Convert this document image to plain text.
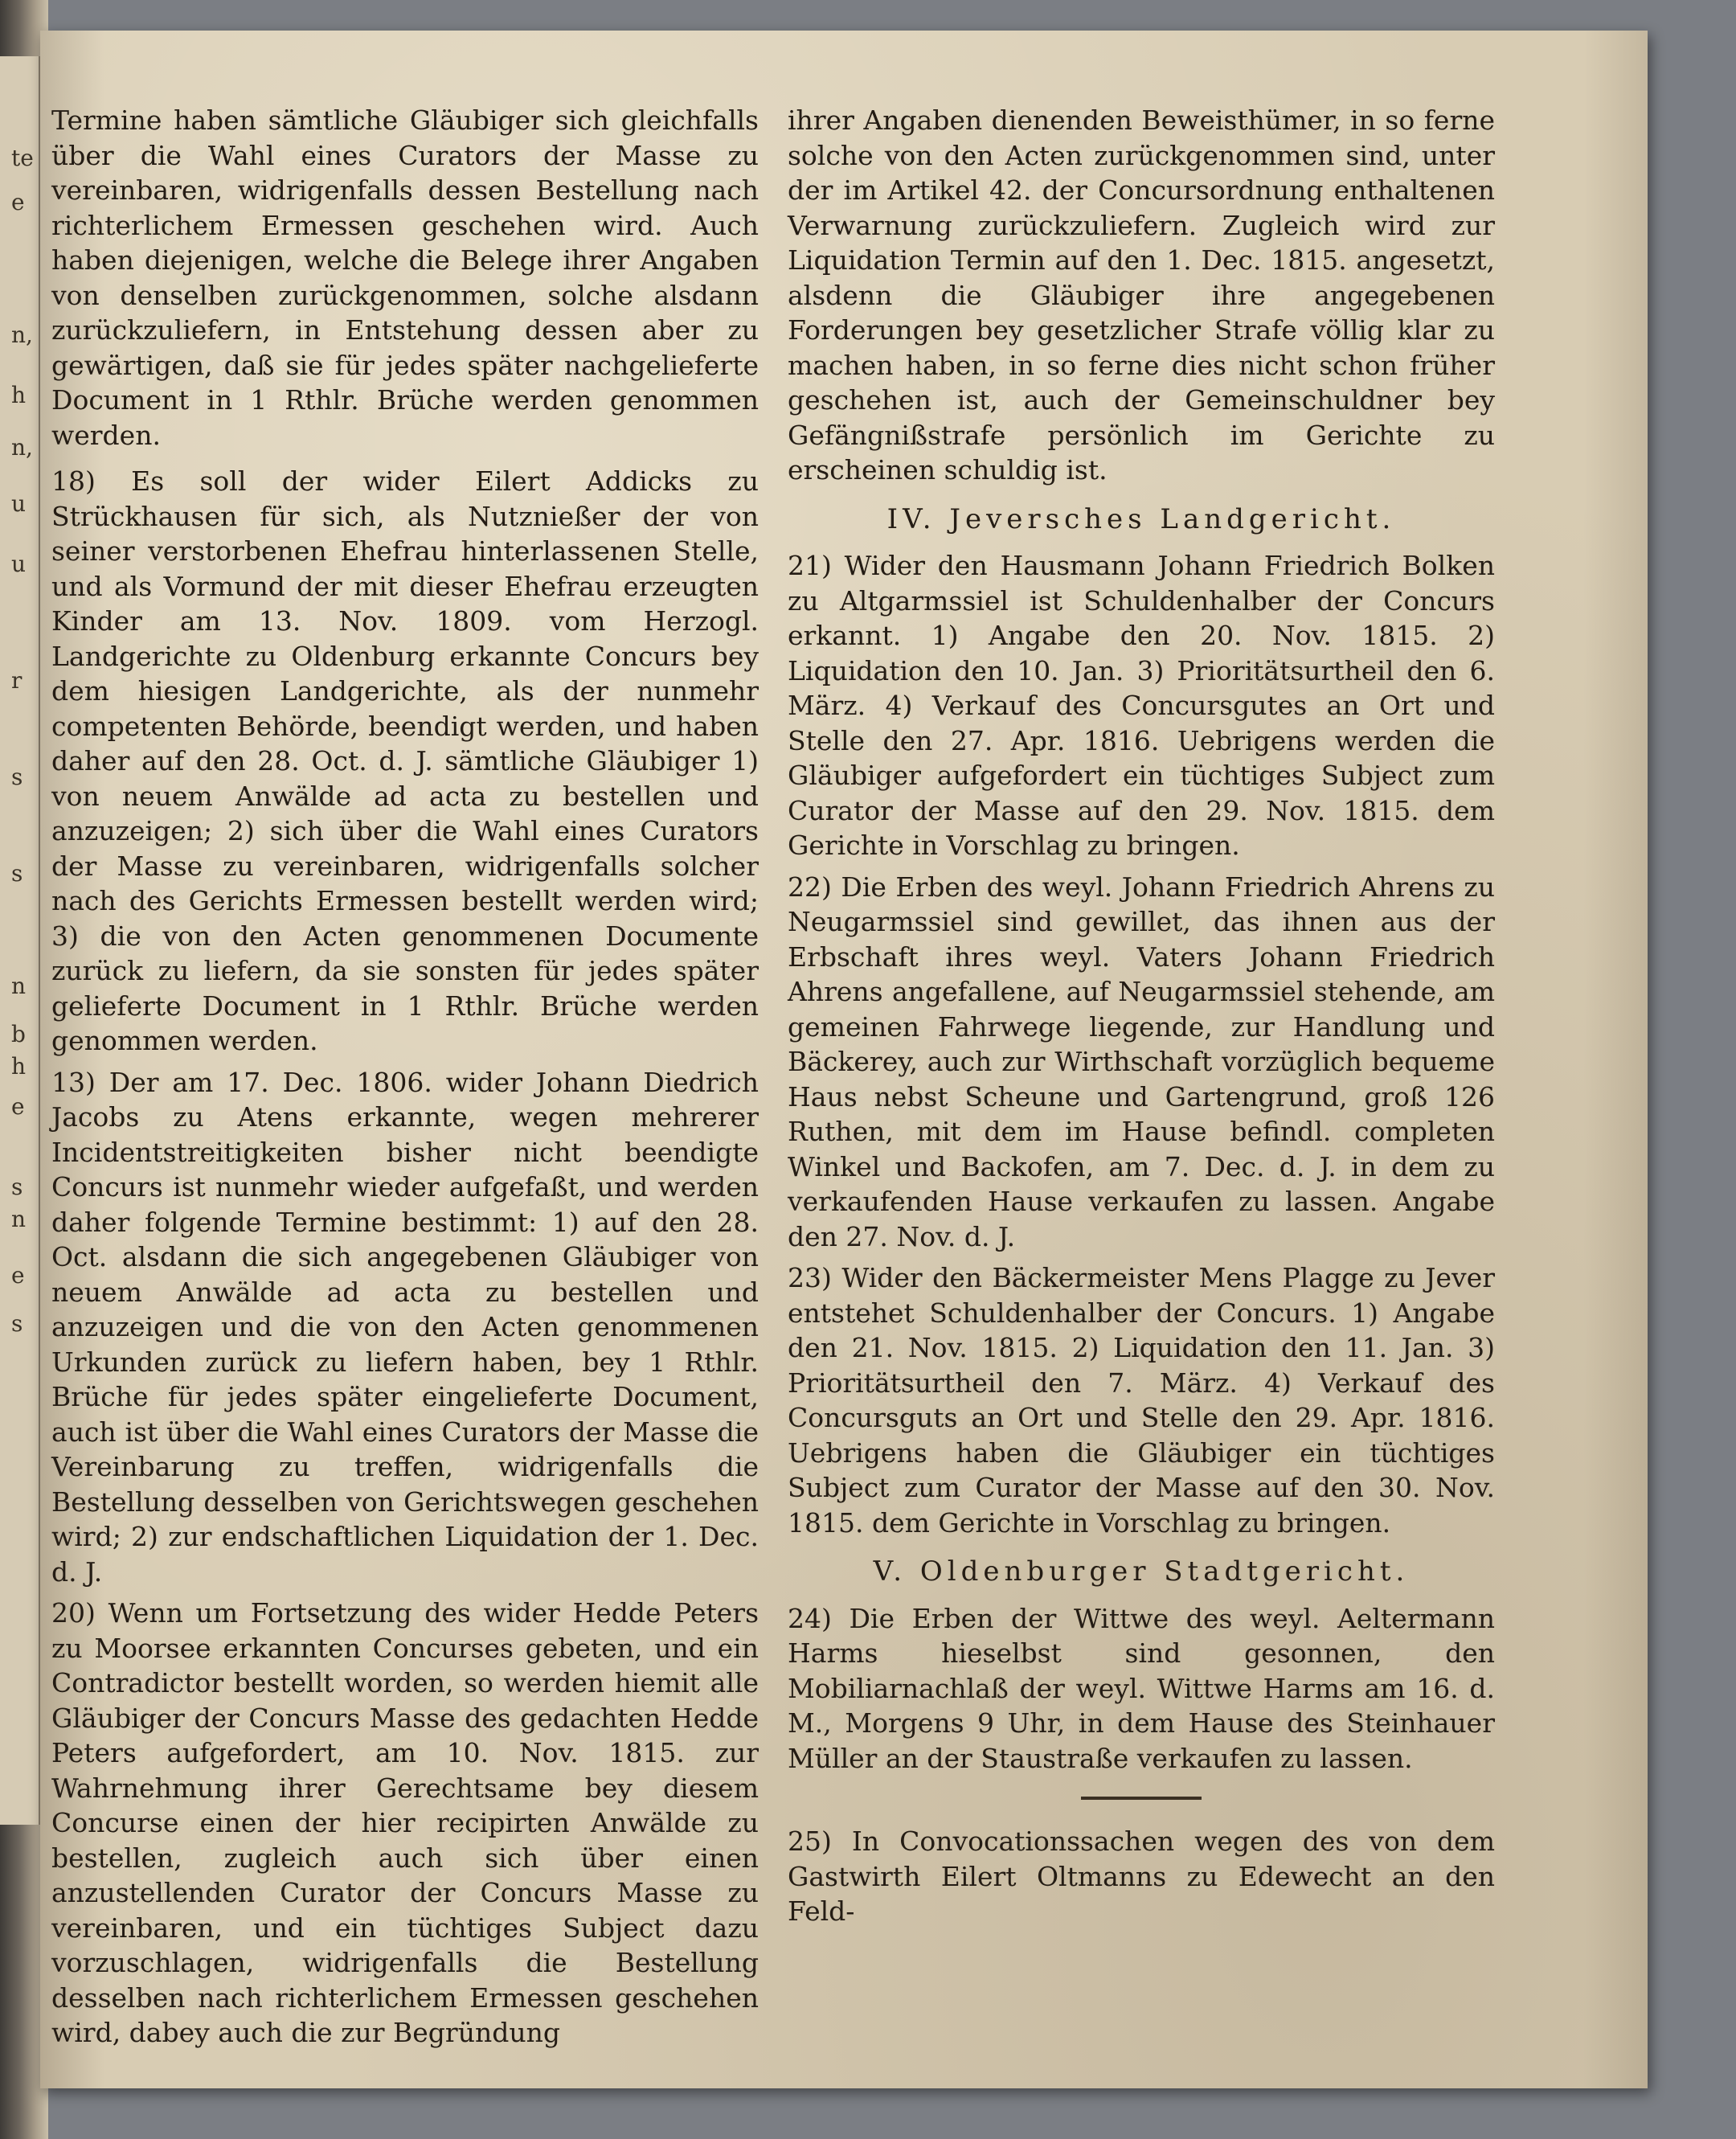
te
e
n,
h
n,
u
u
r
s
s
n
b
h
e
s
n
e
s

Termine haben sämtliche Gläubiger sich gleichfalls über die Wahl eines Curators der Masse zu vereinbaren, widrigenfalls dessen Bestellung nach richterlichem Ermessen geschehen wird. Auch haben diejenigen, welche die Belege ihrer Angaben von denselben zurückgenommen, solche alsdann zurückzuliefern, in Entstehung dessen aber zu gewärtigen, daß sie für jedes später nachgelieferte Document in 1 Rthlr. Brüche werden genommen werden.

18) Es soll der wider Eilert Addicks zu Strückhausen für sich, als Nutznießer der von seiner verstorbenen Ehefrau hinterlassenen Stelle, und als Vormund der mit dieser Ehefrau erzeugten Kinder am 13. Nov. 1809. vom Herzogl. Landgerichte zu Oldenburg erkannte Concurs bey dem hiesigen Landgerichte, als der nunmehr competenten Behörde, beendigt werden, und haben daher auf den 28. Oct. d. J. sämtliche Gläubiger 1) von neuem Anwälde ad acta zu bestellen und anzuzeigen; 2) sich über die Wahl eines Curators der Masse zu vereinbaren, widrigenfalls solcher nach des Gerichts Ermessen bestellt werden wird; 3) die von den Acten genommenen Documente zurück zu liefern, da sie sonsten für jedes später gelieferte Document in 1 Rthlr. Brüche werden genommen werden.

13) Der am 17. Dec. 1806. wider Johann Diedrich Jacobs zu Atens erkannte, wegen mehrerer Incidentstreitigkeiten bisher nicht beendigte Concurs ist nunmehr wieder aufgefaßt, und werden daher folgende Termine bestimmt: 1) auf den 28. Oct. alsdann die sich angegebenen Gläubiger von neuem Anwälde ad acta zu bestellen und anzuzeigen und die von den Acten genommenen Urkunden zurück zu liefern haben, bey 1 Rthlr. Brüche für jedes später eingelieferte Document, auch ist über die Wahl eines Curators der Masse die Vereinbarung zu treffen, widrigenfalls die Bestellung desselben von Gerichtswegen geschehen wird; 2) zur endschaftlichen Liquidation der 1. Dec. d. J.

20) Wenn um Fortsetzung des wider Hedde Peters zu Moorsee erkannten Concurses gebeten, und ein Contradictor bestellt worden, so werden hiemit alle Gläubiger der Concurs Masse des gedachten Hedde Peters aufgefordert, am 10. Nov. 1815. zur Wahrnehmung ihrer Gerechtsame bey diesem Concurse einen der hier recipirten Anwälde zu bestellen, zugleich auch sich über einen anzustellenden Curator der Concurs Masse zu vereinbaren, und ein tüchtiges Subject dazu vorzuschlagen, widrigenfalls die Bestellung desselben nach richterlichem Ermessen geschehen wird, dabey auch die zur Begründung

ihrer Angaben dienenden Beweisthümer, in so ferne solche von den Acten zurückgenommen sind, unter der im Artikel 42. der Concursordnung enthaltenen Verwarnung zurückzuliefern. Zugleich wird zur Liquidation Termin auf den 1. Dec. 1815. angesetzt, alsdenn die Gläubiger ihre angegebenen Forderungen bey gesetzlicher Strafe völlig klar zu machen haben, in so ferne dies nicht schon früher geschehen ist, auch der Gemeinschuldner bey Gefängnißstrafe persönlich im Gerichte zu erscheinen schuldig ist.

IV. Jeversches Landgericht.

21) Wider den Hausmann Johann Friedrich Bolken zu Altgarmssiel ist Schuldenhalber der Concurs erkannt. 1) Angabe den 20. Nov. 1815. 2) Liquidation den 10. Jan. 3) Prioritätsurtheil den 6. März. 4) Verkauf des Concursgutes an Ort und Stelle den 27. Apr. 1816. Uebrigens werden die Gläubiger aufgefordert ein tüchtiges Subject zum Curator der Masse auf den 29. Nov. 1815. dem Gerichte in Vorschlag zu bringen.

22) Die Erben des weyl. Johann Friedrich Ahrens zu Neugarmssiel sind gewillet, das ihnen aus der Erbschaft ihres weyl. Vaters Johann Friedrich Ahrens angefallene, auf Neugarmssiel stehende, am gemeinen Fahrwege liegende, zur Handlung und Bäckerey, auch zur Wirthschaft vorzüglich bequeme Haus nebst Scheune und Gartengrund, groß 126 Ruthen, mit dem im Hause befindl. completen Winkel und Backofen, am 7. Dec. d. J. in dem zu verkaufenden Hause verkaufen zu lassen. Angabe den 27. Nov. d. J.

23) Wider den Bäckermeister Mens Plagge zu Jever entstehet Schuldenhalber der Concurs. 1) Angabe den 21. Nov. 1815. 2) Liquidation den 11. Jan. 3) Prioritätsurtheil den 7. März. 4) Verkauf des Concursguts an Ort und Stelle den 29. Apr. 1816. Uebrigens haben die Gläubiger ein tüchtiges Subject zum Curator der Masse auf den 30. Nov. 1815. dem Gerichte in Vorschlag zu bringen.

V. Oldenburger Stadtgericht.

24) Die Erben der Wittwe des weyl. Aeltermann Harms hieselbst sind gesonnen, den Mobiliarnachlaß der weyl. Wittwe Harms am 16. d. M., Morgens 9 Uhr, in dem Hause des Steinhauer Müller an der Staustraße verkaufen zu lassen.

25) In Convocationssachen wegen des von dem Gastwirth Eilert Oltmanns zu Edewecht an den Feld-
